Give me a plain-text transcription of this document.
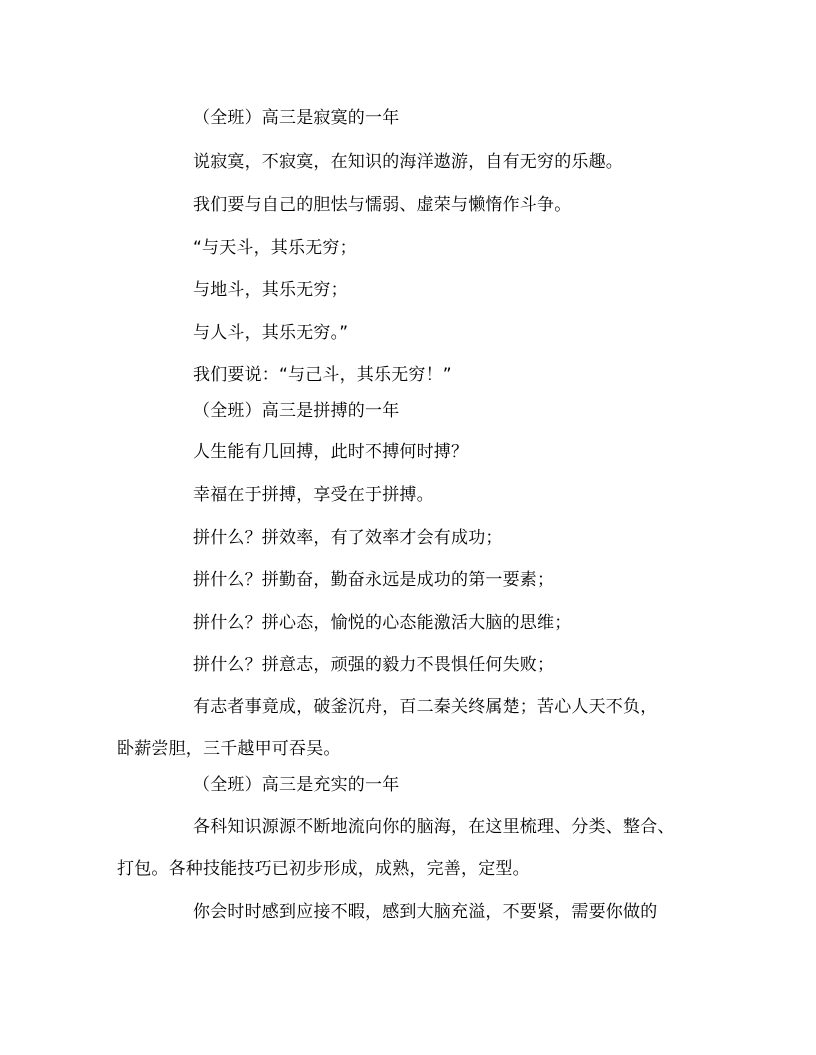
（全班）高三是寂寞的一年
说寂寞，不寂寞，在知识的海洋遨游，自有无穷的乐趣。
我们要与自己的胆怯与懦弱、虚荣与懒惰作斗争。
“与天斗，其乐无穷；
与地斗，其乐无穷；
与人斗，其乐无穷。”
我们要说：“与己斗，其乐无穷！”
（全班）高三是拼搏的一年
人生能有几回搏，此时不搏何时搏？
幸福在于拼搏，享受在于拼搏。
拼什么？拼效率，有了效率才会有成功；
拼什么？拼勤奋，勤奋永远是成功的第一要素；
拼什么？拼心态，愉悦的心态能激活大脑的思维；
拼什么？拼意志，顽强的毅力不畏惧任何失败；
有志者事竟成，破釜沉舟，百二秦关终属楚；苦心人天不负，
卧薪尝胆，三千越甲可吞吴。
（全班）高三是充实的一年
各科知识源源不断地流向你的脑海，在这里梳理、分类、整合、
打包。各种技能技巧已初步形成，成熟，完善，定型。
你会时时感到应接不暇，感到大脑充溢，不要紧，需要你做的
